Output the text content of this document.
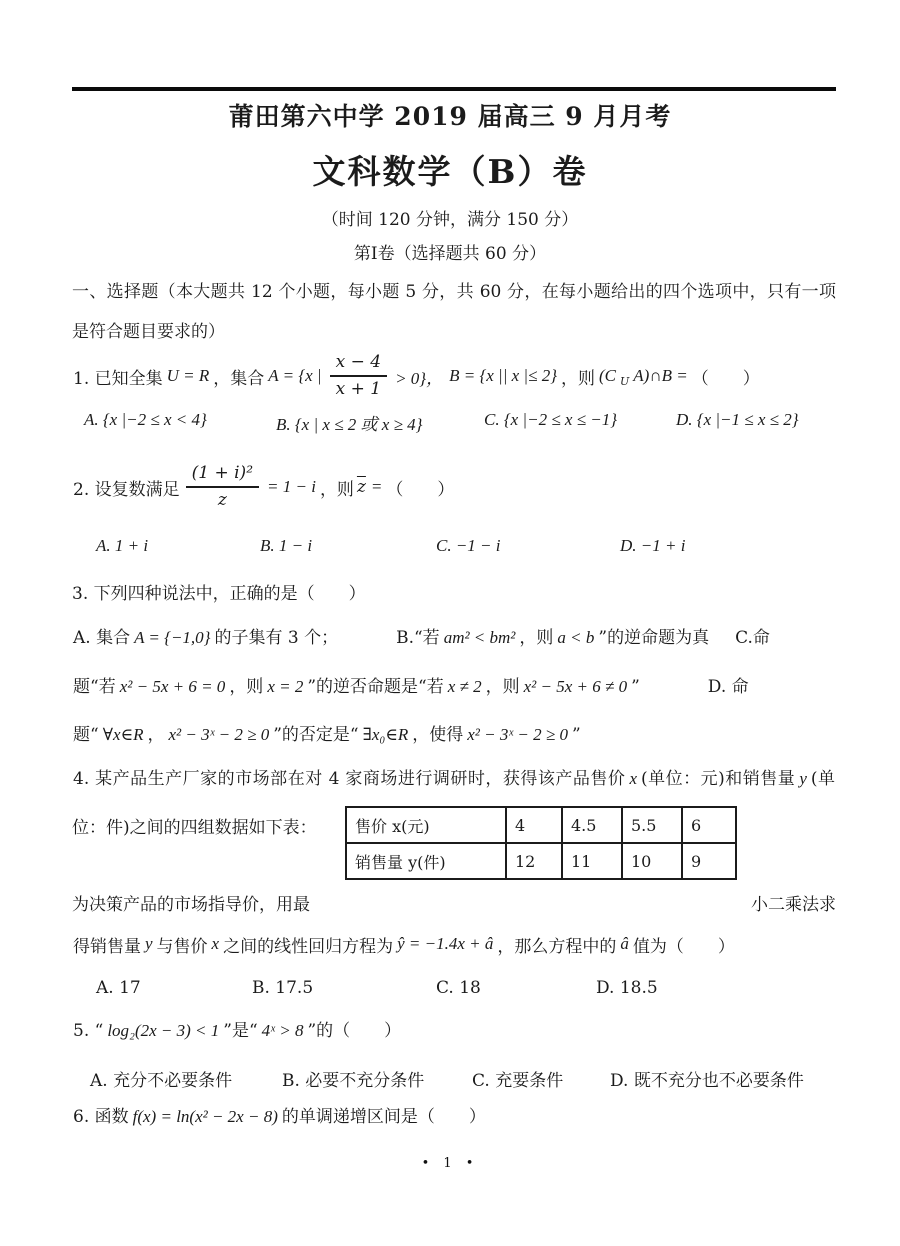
莆田第六中学 2019 届高三 9 月月考
文科数学（B）卷
（时间 120 分钟，满分 150 分）
第Ⅰ卷（选择题共 60 分）
一、选择题（本大题共 12 个小题，每小题 5 分，共 60 分，在每小题给出的四个选项中，只有一项
是符合题目要求的）
1. 已知全集 U = R ，集合 A = {x | $\frac{x - 4}{x + 1} > 0$}， B = {x || x |≤ 2} ，则 (C U A)∩B = （　　）
A. {x |−2 ≤ x < 4}	B. {x | x ≤ 2 或 x ≥ 4}	C. {x |−2 ≤ x ≤ −1}	D. {x |−1 ≤ x ≤ 2}
2. 设复数满足 $\frac{\text{(1 + i)²}}{z} = 1 - i$ ，则 $\overline{z}$ = （　　）
A. 1 + i	B. 1 − i	C. −1 − i	D. −1 + i
3. 下列四种说法中，正确的是（　　）
A. 集合 A = {−1,0} 的子集有 3 个；	B.“若 am² < bm² ，则 a < b ”的逆命题为真 C.命
题“若 x² − 5x + 6 = 0 ，则 x = 2 ”的逆否命题是“若 x ≠ 2 ，则 x² − 5x + 6 ≠ 0 ”	D. 命
题“ ∀x∈R ， x² − 3ˣ − 2 ≥ 0 ”的否定是“ ∃x₀∈R ，使得 x² − 3ˣ − 2 ≥ 0 ”
4. 某产品生产厂家的市场部在对 4 家商场进行调研时，获得该产品售价 x (单位：元)和销售量 y (单
位：件)之间的四组数据如下表：	售价 x(元)	4	4.5	5.5	6
销售量 y(件)	12	11	10	9
为决策产品的市场指导价，用最	小二乘法求
得销售量 y 与售价 x 之间的线性回归方程为 ŷ = −1.4x + â ，那么方程中的 â 值为（　　）
A. 17	B. 17.5	C. 18	D. 18.5
5. “ log₂(2x − 3) < 1 ”是“ 4ˣ > 8 ”的（　　）
A. 充分不必要条件	B. 必要不充分条件	C. 充要条件	D. 既不充分也不必要条件
6. 函数 f(x) = ln(x² − 2x − 8) 的单调递增区间是（　　）
• 1 •
